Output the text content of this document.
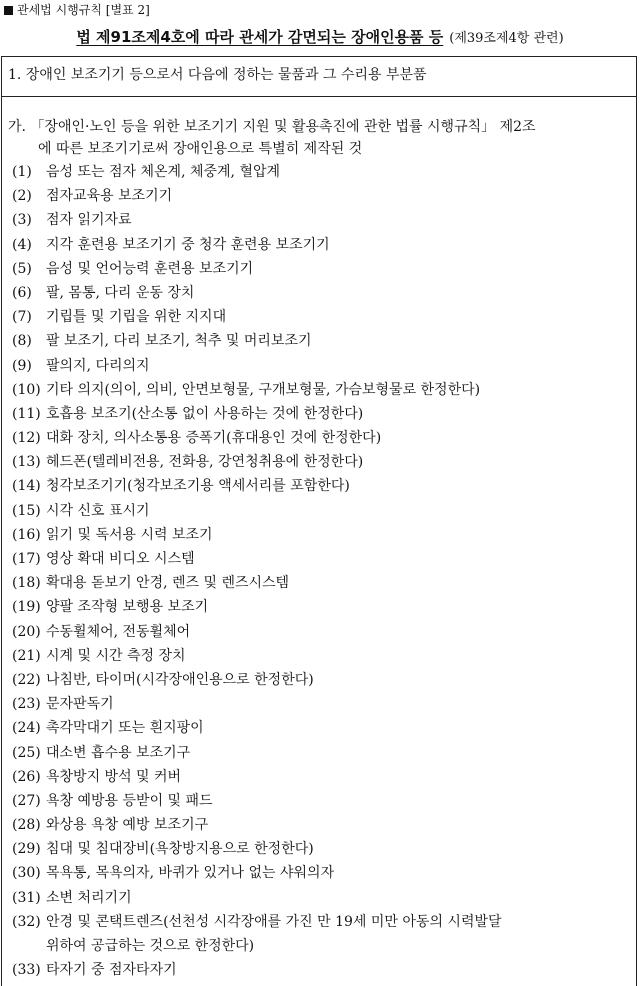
관세법 시행규칙 [별표 2]
법 제91조제4호에 따라 관세가 감면되는 장애인용품 등 (제39조제4항 관련)
1. 장애인 보조기기 등으로서 다음에 정하는 물품과 그 수리용 부분품
가. 「장애인·노인 등을 위한 보조기기 지원 및 활용촉진에 관한 법률 시행규칙」 제2조
에 따른 보조기기로써 장애인용으로 특별히 제작된 것
(1) 음성 또는 점자 체온계, 체중계, 혈압계
(2) 점자교육용 보조기기
(3) 점자 읽기자료
(4) 지각 훈련용 보조기기 중 청각 훈련용 보조기기
(5) 음성 및 언어능력 훈련용 보조기기
(6) 팔, 몸통, 다리 운동 장치
(7) 기립틀 및 기립을 위한 지지대
(8) 팔 보조기, 다리 보조기, 척추 및 머리보조기
(9) 팔의지, 다리의지
(10) 기타 의지(의이, 의비, 안면보형물, 구개보형물, 가슴보형물로 한정한다)
(11) 호흡용 보조기(산소통 없이 사용하는 것에 한정한다)
(12) 대화 장치, 의사소통용 증폭기(휴대용인 것에 한정한다)
(13) 헤드폰(텔레비전용, 전화용, 강연청취용에 한정한다)
(14) 청각보조기기(청각보조기용 액세서리를 포함한다)
(15) 시각 신호 표시기
(16) 읽기 및 독서용 시력 보조기
(17) 영상 확대 비디오 시스템
(18) 확대용 돋보기 안경, 렌즈 및 렌즈시스템
(19) 양팔 조작형 보행용 보조기
(20) 수동휠체어, 전동휠체어
(21) 시계 및 시간 측정 장치
(22) 나침반, 타이머(시각장애인용으로 한정한다)
(23) 문자판독기
(24) 촉각막대기 또는 흰지팡이
(25) 대소변 흡수용 보조기구
(26) 욕창방지 방석 및 커버
(27) 욕창 예방용 등받이 및 패드
(28) 와상용 욕창 예방 보조기구
(29) 침대 및 침대장비(욕창방지용으로 한정한다)
(30) 목욕통, 목욕의자, 바퀴가 있거나 없는 샤워의자
(31) 소변 처리기기
(32) 안경 및 콘택트렌즈(선천성 시각장애를 가진 만 19세 미만 아동의 시력발달
위하여 공급하는 것으로 한정한다)
(33) 타자기 중 점자타자기
